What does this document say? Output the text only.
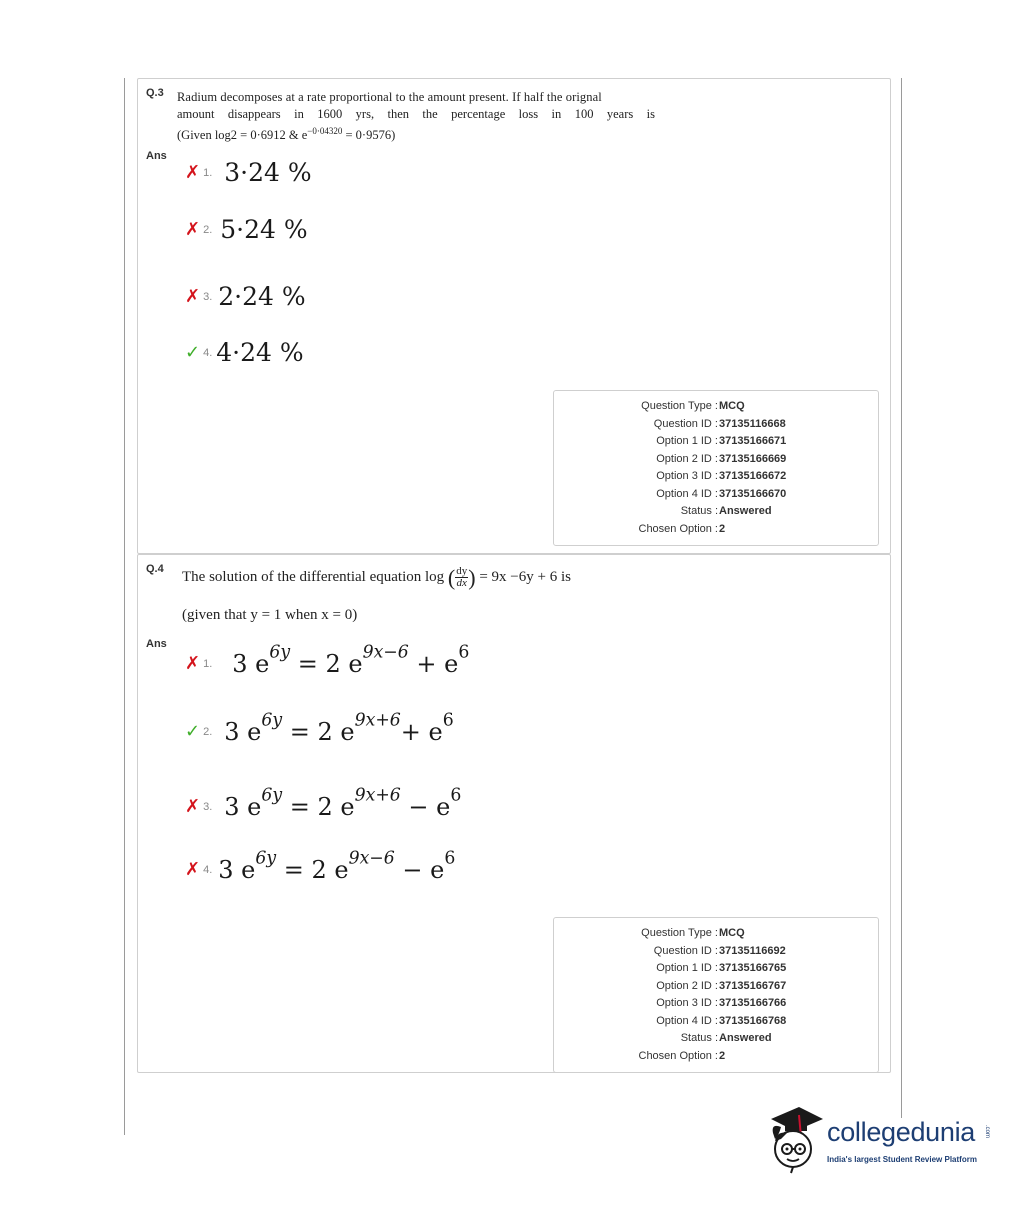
Q.3 Radium decomposes at a rate proportional to the amount present. If half the orignal
amount disappears in 1600 yrs, then the percentage loss in 100 years is
(Given log2 = 0·6912 & $e^{-0\cdot 04320} = 0\cdot 9576$)
Ans
✗ 1. 3·24 %
✗ 2. 5·24 %
✗ 3. 2·24 %
✓ 4. 4·24 %
Question Type : MCQ
Question ID : 37135116668
Option 1 ID : 37135166671
Option 2 ID : 37135166669
Option 3 ID : 37135166672
Option 4 ID : 37135166670
Status : Answered
Chosen Option : 2
Q.4 The solution of the differential equation log ( $\frac{dy}{dx}$ ) = 9x −6y + 6 is
(given that y = 1 when x = 0)
Ans
✗ 1. 3 $e^{6y} = 2$ $e^{9x-6} + e^6$
✓ 2. 3 $e^{6y} = 2$ $e^{9x+6}+ e^6$
✗ 3. 3 $e^{6y} = 2$ $e^{9x+6} - e^6$
✗ 4. 3 $e^{6y} = 2$ $e^{9x-6} - e^6$
Question Type : MCQ
Question ID : 37135116692
Option 1 ID : 37135166765
Option 2 ID : 37135166767
Option 3 ID : 37135166766
Option 4 ID : 37135166768
Status : Answered
Chosen Option : 2
collegedunia .com
India's largest Student Review Platform
